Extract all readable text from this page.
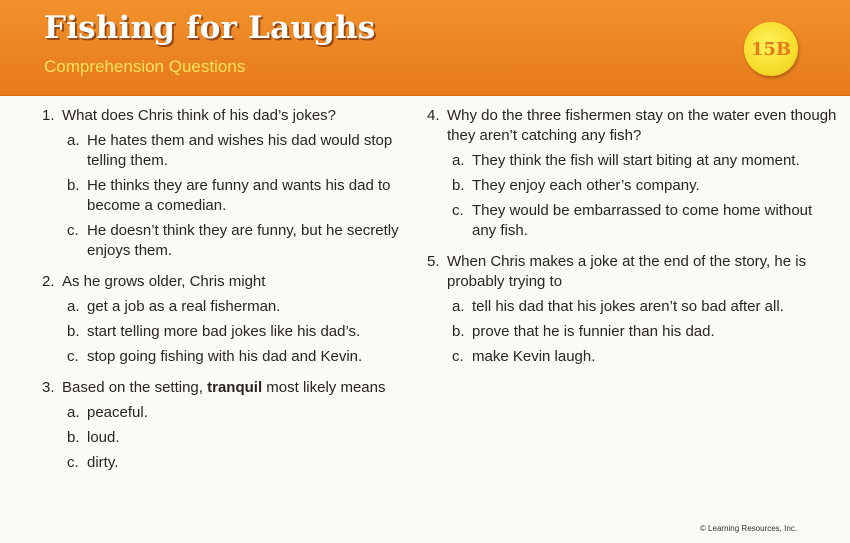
Fishing for Laughs
Comprehension Questions
15B
1. What does Chris think of his dad’s jokes?
a. He hates them and wishes his dad would stop telling them.
b. He thinks they are funny and wants his dad to become a comedian.
c. He doesn’t think they are funny, but he secretly enjoys them.
2. As he grows older, Chris might
a. get a job as a real fisherman.
b. start telling more bad jokes like his dad’s.
c. stop going fishing with his dad and Kevin.
3. Based on the setting, tranquil most likely means
a. peaceful.
b. loud.
c. dirty.
4. Why do the three fishermen stay on the water even though they aren’t catching any fish?
a. They think the fish will start biting at any moment.
b. They enjoy each other’s company.
c. They would be embarrassed to come home without any fish.
5. When Chris makes a joke at the end of the story, he is probably trying to
a. tell his dad that his jokes aren’t so bad after all.
b. prove that he is funnier than his dad.
c. make Kevin laugh.
© Learning Resources, Inc.
